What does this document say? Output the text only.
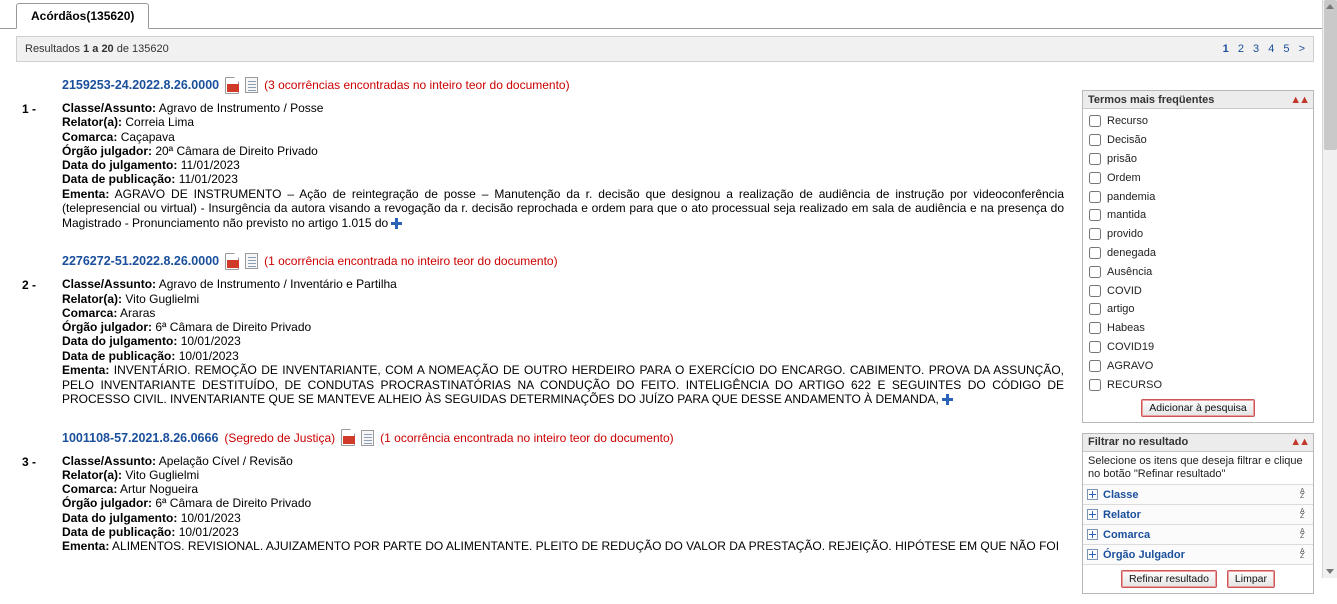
Acórdãos(135620)
Resultados 1 a 20 de 135620	1 2 3 4 5 >
1 -
2159253-24.2022.8.26.0000	(3 ocorrências encontradas no inteiro teor do documento)
Classe/Assunto: Agravo de Instrumento / Posse
Relator(a): Correia Lima
Comarca: Caçapava
Órgão julgador: 20ª Câmara de Direito Privado
Data do julgamento: 11/01/2023
Data de publicação: 11/01/2023
Ementa: AGRAVO DE INSTRUMENTO – Ação de reintegração de posse – Manutenção da r. decisão que designou a realização de audiência de instrução por videoconferência (telepresencial ou virtual) - Insurgência da autora visando a revogação da r. decisão reprochada e ordem para que o ato processual seja realizado em sala de audiência e na presença do Magistrado - Pronunciamento não previsto no artigo 1.015 do
2 -
2276272-51.2022.8.26.0000	(1 ocorrência encontrada no inteiro teor do documento)
Classe/Assunto: Agravo de Instrumento / Inventário e Partilha
Relator(a): Vito Guglielmi
Comarca: Araras
Órgão julgador: 6ª Câmara de Direito Privado
Data do julgamento: 10/01/2023
Data de publicação: 10/01/2023
Ementa: INVENTÁRIO. REMOÇÃO DE INVENTARIANTE, COM A NOMEAÇÃO DE OUTRO HERDEIRO PARA O EXERCÍCIO DO ENCARGO. CABIMENTO. PROVA DA ASSUNÇÃO, PELO INVENTARIANTE DESTITUÍDO, DE CONDUTAS PROCRASTINATÓRIAS NA CONDUÇÃO DO FEITO. INTELIGÊNCIA DO ARTIGO 622 E SEGUINTES DO CÓDIGO DE PROCESSO CIVIL. INVENTARIANTE QUE SE MANTEVE ALHEIO ÀS SEGUIDAS DETERMINAÇÕES DO JUÍZO PARA QUE DESSE ANDAMENTO À DEMANDA,
3 -
1001108-57.2021.8.26.0666 (Segredo de Justiça)	(1 ocorrência encontrada no inteiro teor do documento)
Classe/Assunto: Apelação Cível / Revisão
Relator(a): Vito Guglielmi
Comarca: Artur Nogueira
Órgão julgador: 6ª Câmara de Direito Privado
Data do julgamento: 10/01/2023
Data de publicação: 10/01/2023
Ementa: ALIMENTOS. REVISIONAL. AJUIZAMENTO POR PARTE DO ALIMENTANTE. PLEITO DE REDUÇÃO DO VALOR DA PRESTAÇÃO. REJEIÇÃO. HIPÓTESE EM QUE NÃO FOI
Termos mais freqüentes	▲▲
Recurso
Decisão
prisão
Ordem
pandemia
mantida
provido
denegada
Ausência
COVID
artigo
Habeas
COVID19
AGRAVO
RECURSO
Adicionar à pesquisa
Filtrar no resultado	▲▲
Selecione os itens que deseja filtrar e clique no botão "Refinar resultado"
Classe
A Z
Relator
A Z
Comarca
A Z
Órgão Julgador
A Z
Refinar resultado	Limpar
